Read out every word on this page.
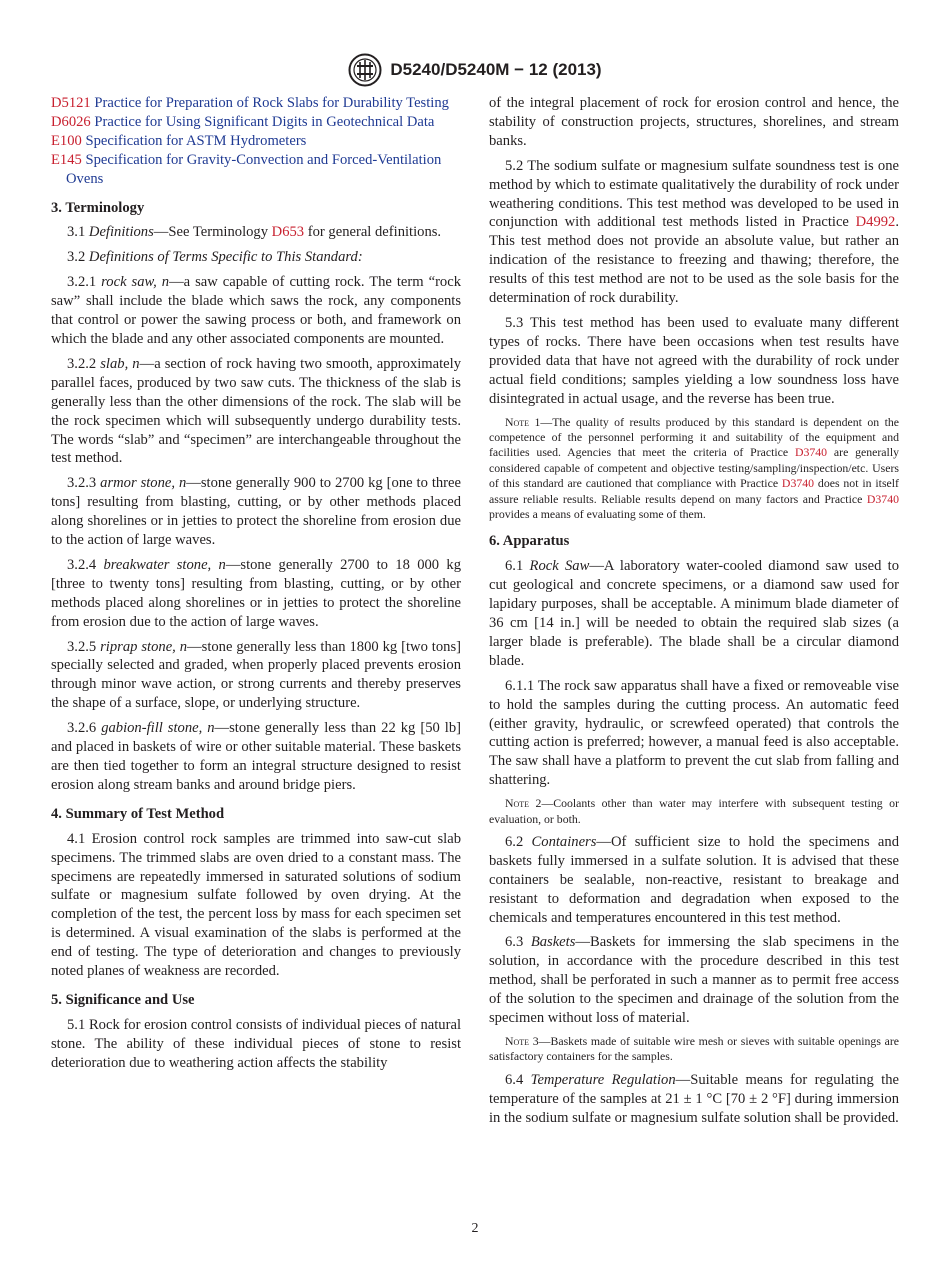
D5240/D5240M − 12 (2013)
D5121 Practice for Preparation of Rock Slabs for Durability Testing
D6026 Practice for Using Significant Digits in Geotechnical Data
E100 Specification for ASTM Hydrometers
E145 Specification for Gravity-Convection and Forced-Ventilation Ovens
3. Terminology

3.1 Definitions—See Terminology D653 for general definitions.

3.2 Definitions of Terms Specific to This Standard:

3.2.1 rock saw, n—a saw capable of cutting rock. The term “rock saw” shall include the blade which saws the rock, any components that control or power the sawing process or both, and framework on which the blade and any other associated components are mounted.

3.2.2 slab, n—a section of rock having two smooth, approximately parallel faces, produced by two saw cuts. The thickness of the slab is generally less than the other dimensions of the rock. The slab will be the rock specimen which will subsequently undergo durability tests. The words “slab” and “specimen” are interchangeable throughout the test method.

3.2.3 armor stone, n—stone generally 900 to 2700 kg [one to three tons] resulting from blasting, cutting, or by other methods placed along shorelines or in jetties to protect the shoreline from erosion due to the action of large waves.

3.2.4 breakwater stone, n—stone generally 2700 to 18 000 kg [three to twenty tons] resulting from blasting, cutting, or by other methods placed along shorelines or in jetties to protect the shoreline from erosion due to the action of large waves.

3.2.5 riprap stone, n—stone generally less than 1800 kg [two tons] specially selected and graded, when properly placed prevents erosion through minor wave action, or strong currents and thereby preserves the shape of a surface, slope, or underlying structure.

3.2.6 gabion-fill stone, n—stone generally less than 22 kg [50 lb] and placed in baskets of wire or other suitable material. These baskets are then tied together to form an integral structure designed to resist erosion along stream banks and around bridge piers.

4. Summary of Test Method

4.1 Erosion control rock samples are trimmed into saw-cut slab specimens. The trimmed slabs are oven dried to a constant mass. The specimens are repeatedly immersed in saturated solutions of sodium sulfate or magnesium sulfate followed by oven drying. At the completion of the test, the percent loss by mass for each specimen set is determined. A visual examination of the slabs is performed at the end of testing. The type of deterioration and changes to previously noted planes of weakness are recorded.

5. Significance and Use

5.1 Rock for erosion control consists of individual pieces of natural stone. The ability of these individual pieces of stone to resist deterioration due to weathering action affects the stability

of the integral placement of rock for erosion control and hence, the stability of construction projects, structures, shorelines, and stream banks.

5.2 The sodium sulfate or magnesium sulfate soundness test is one method by which to estimate qualitatively the durability of rock under weathering conditions. This test method was developed to be used in conjunction with additional test methods listed in Practice D4992. This test method does not provide an absolute value, but rather an indication of the resistance to freezing and thawing; therefore, the results of this test method are not to be used as the sole basis for the determination of rock durability.

5.3 This test method has been used to evaluate many different types of rocks. There have been occasions when test results have provided data that have not agreed with the durability of rock under actual field conditions; samples yielding a low soundness loss have disintegrated in actual usage, and the reverse has been true.

Note 1—The quality of results produced by this standard is dependent on the competence of the personnel performing it and suitability of the equipment and facilities used. Agencies that meet the criteria of Practice D3740 are generally considered capable of competent and objective testing/sampling/inspection/etc. Users of this standard are cautioned that compliance with Practice D3740 does not in itself assure reliable results. Reliable results depend on many factors and Practice D3740 provides a means of evaluating some of them.
6. Apparatus

6.1 Rock Saw—A laboratory water-cooled diamond saw used to cut geological and concrete specimens, or a diamond saw used for lapidary purposes, shall be acceptable. A minimum blade diameter of 36 cm [14 in.] will be needed to obtain the required slab sizes (a larger blade is preferable). The blade shall be a circular diamond blade.

6.1.1 The rock saw apparatus shall have a fixed or removeable vise to hold the samples during the cutting process. An automatic feed (either gravity, hydraulic, or screwfeed operated) that controls the cutting action is preferred; however, a manual feed is also acceptable. The saw shall have a platform to prevent the cut slab from falling and shattering.

Note 2—Coolants other than water may interfere with subsequent testing or evaluation, or both.

6.2 Containers—Of sufficient size to hold the specimens and baskets fully immersed in a sulfate solution. It is advised that these containers be sealable, non-reactive, resistant to breakage and resistant to deformation and degradation when exposed to the chemicals and temperatures encountered in this test method.

6.3 Baskets—Baskets for immersing the slab specimens in the solution, in accordance with the procedure described in this test method, shall be perforated in such a manner as to permit free access of the solution to the specimen and drainage of the solution from the specimen without loss of material.

Note 3—Baskets made of suitable wire mesh or sieves with suitable openings are satisfactory containers for the samples.

6.4 Temperature Regulation—Suitable means for regulating the temperature of the samples at 21 ± 1 °C [70 ± 2 °F] during immersion in the sodium sulfate or magnesium sulfate solution shall be provided.

2
